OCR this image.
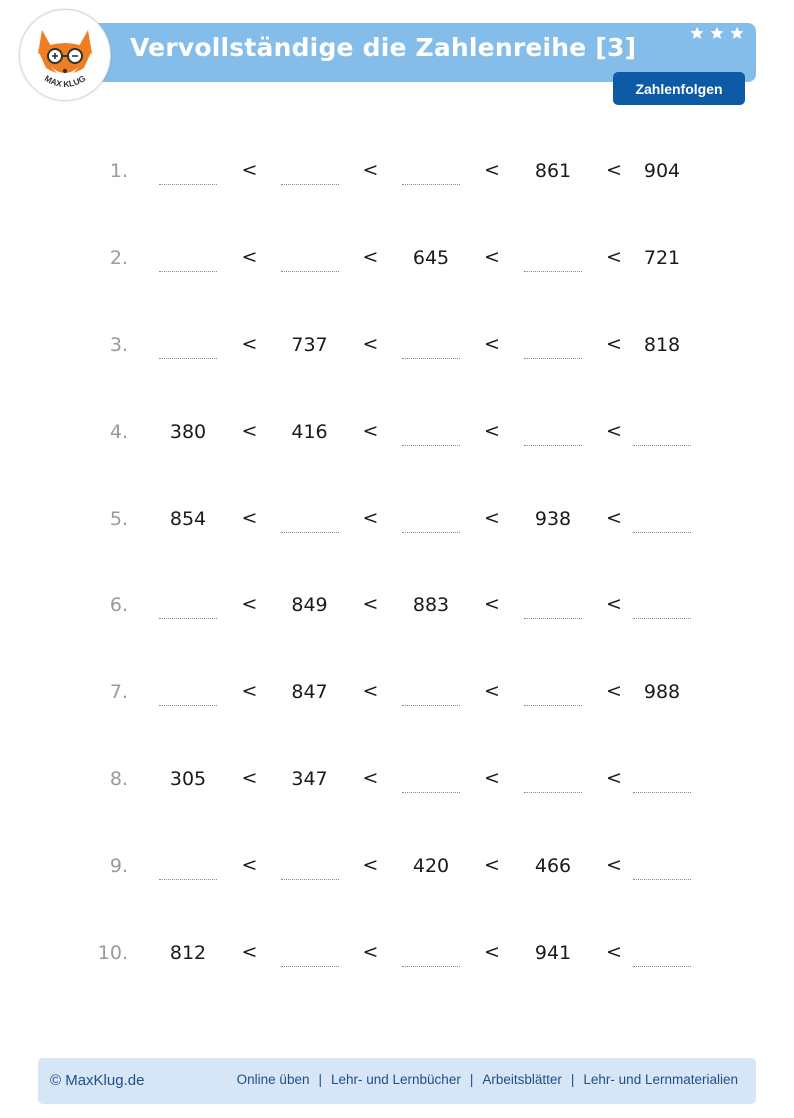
Vervollständige die Zahlenreihe [3]
MAX KLUG
Zahlenfolgen
1.	<	<	<	861	<	904
2.	<	<	645	<	<	721
3.	<	737	<	<	<	818
4.	380	<	416	<	<	<
5.	854	<	<	<	938	<
6.	<	849	<	883	<	<
7.	<	847	<	<	<	988
8.	305	<	347	<	<	<
9.	<	<	420	<	466	<
10.	812	<	<	<	941	<
© MaxKlug.de	Online üben | Lehr- und Lernbücher | Arbeitsblätter | Lehr- und Lernmaterialien
